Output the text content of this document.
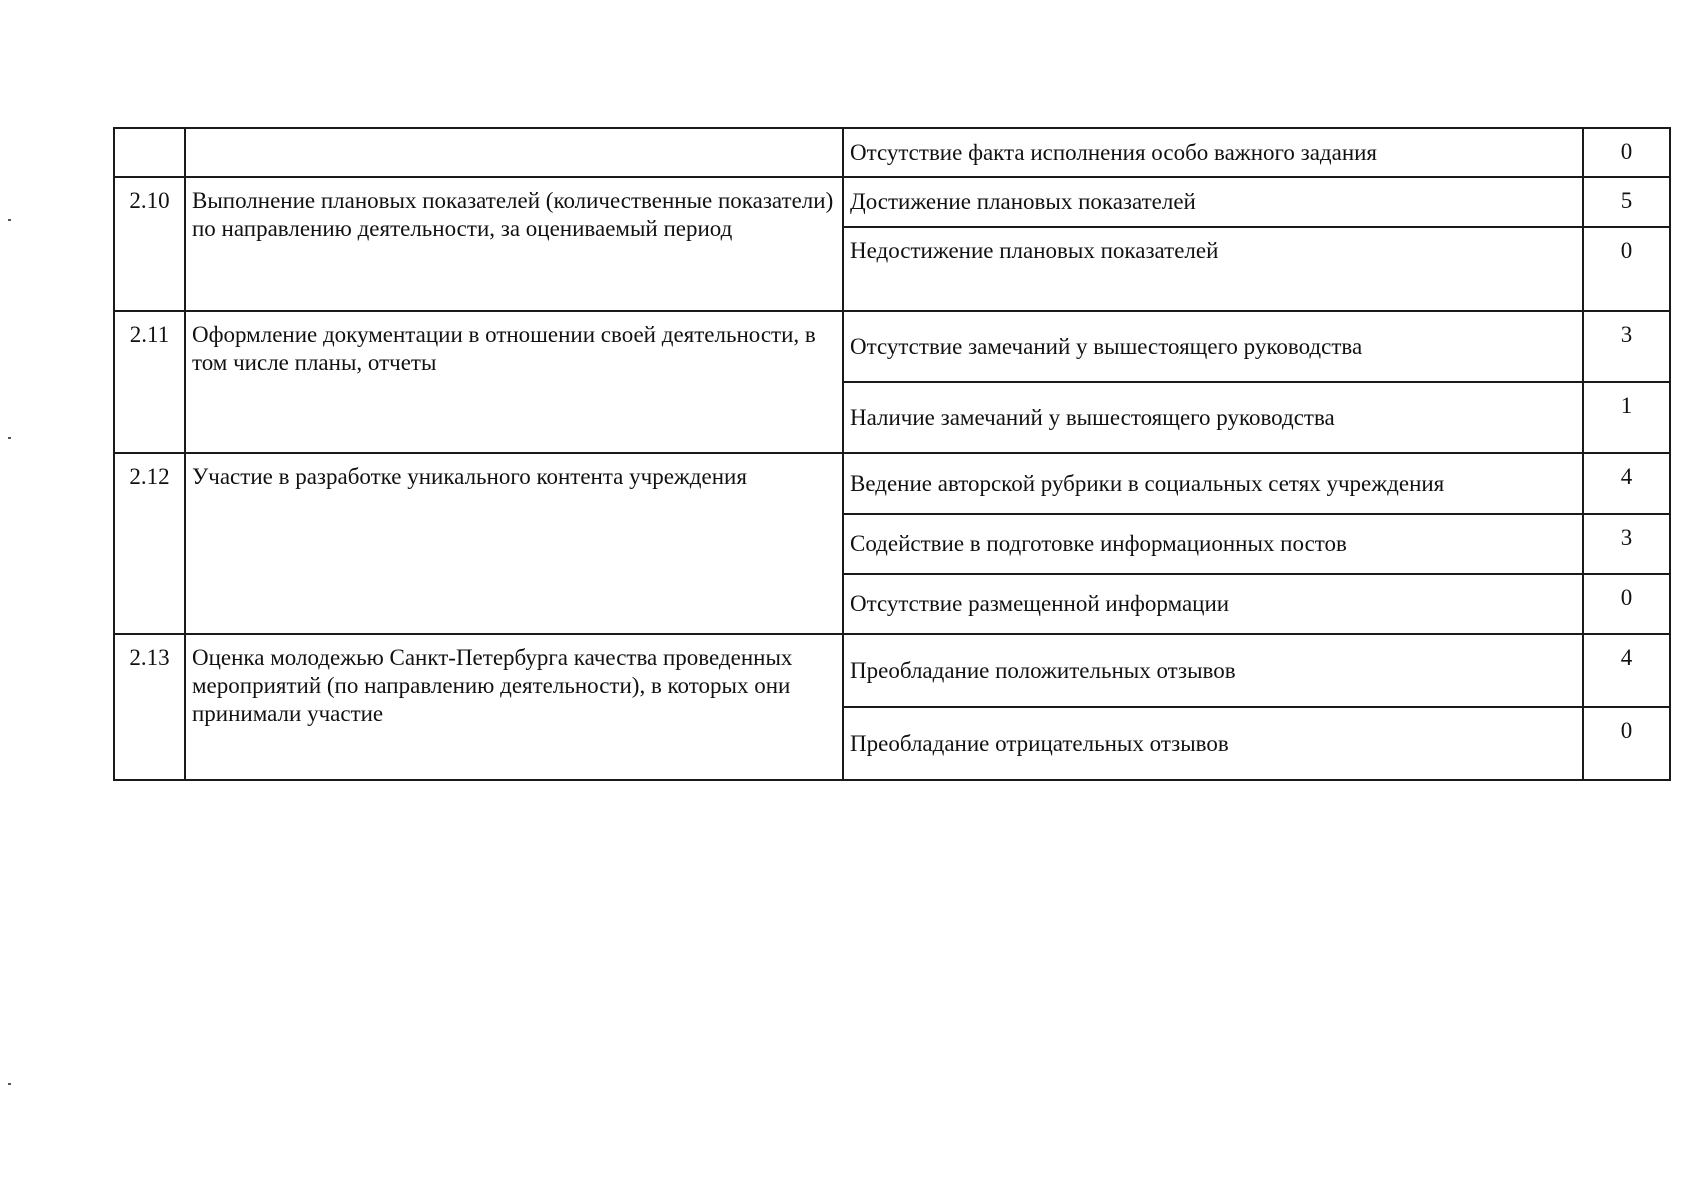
		Отсутствие факта исполнения особо важного задания	0
2.10	Выполнение плановых показателей (количественные показатели) по направлению деятельности, за оцениваемый период	Достижение плановых показателей	5
		Недостижение плановых показателей	0
2.11	Оформление документации в отношении своей деятельности, в том числе планы, отчеты	Отсутствие замечаний у вышестоящего руководства	3
		Наличие замечаний у вышестоящего руководства	1
2.12	Участие в разработке уникального контента учреждения	Ведение авторской рубрики в социальных сетях учреждения	4
		Содействие в подготовке информационных постов	3
		Отсутствие размещенной информации	0
2.13	Оценка молодежью Санкт-Петербурга качества проведенных мероприятий (по направлению деятельности), в которых они принимали участие	Преобладание положительных отзывов	4
		Преобладание отрицательных отзывов	0
